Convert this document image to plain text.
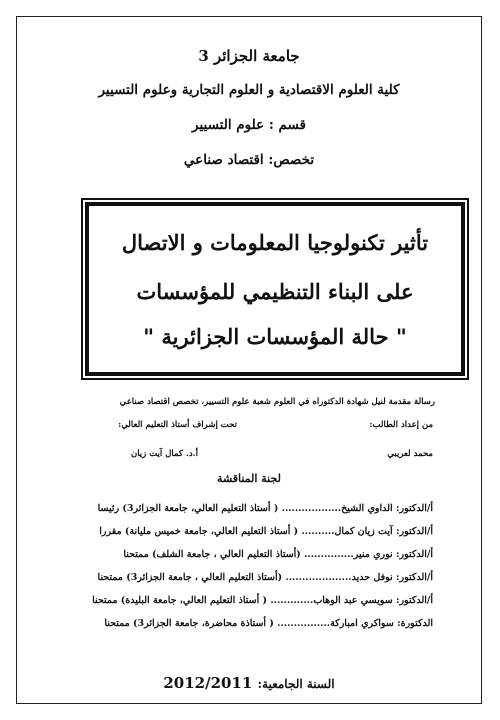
جامعة الجزائر 3
كلية العلوم الاقتصادية و العلوم التجارية وعلوم التسيير
قسم : علوم التسيير
تخصص: اقتصاد صناعي
تأثير تكنولوجيا المعلومات و الاتصال
على البناء التنظيمي للمؤسسات
" حالة المؤسسات الجزائرية "
رسالة مقدمة لنيل شهادة الدكتوراه في العلوم شعبة علوم التسيير، تخصص اقتصاد صناعي
من إعداد الطالب:
تحت إشراف أستاذ التعليم العالي:
محمد لعريبي
أ.د. كمال آيت زيان
لجنة المناقشة
أ/الدكتور: الداوي الشيخ.................. ( أستاذ التعليم العالي، جامعة الجزائر3) رئيسا
أ/الدكتور: آيت زيان كمال.......... ( أستاذ التعليم العالي، جامعة خميس مليانة) مقررا
أ/الدكتور: نوري منير............... (أستاذ التعليم العالي ، جامعة الشلف) ممتحنا
أ/الدكتور: نوفل حديد.................... (أستاذ التعليم العالي ، جامعة الجزائر3) ممتحنا
أ/الدكتور: سويسي عبد الوهاب............. ( أستاذ التعليم العالي، جامعة البليدة) ممتحنا
الدكتورة: سواكري امباركة................ ( أستاذة محاضرة، جامعة الجزائر3) ممتحنا
السنة الجامعية: 2012/2011
